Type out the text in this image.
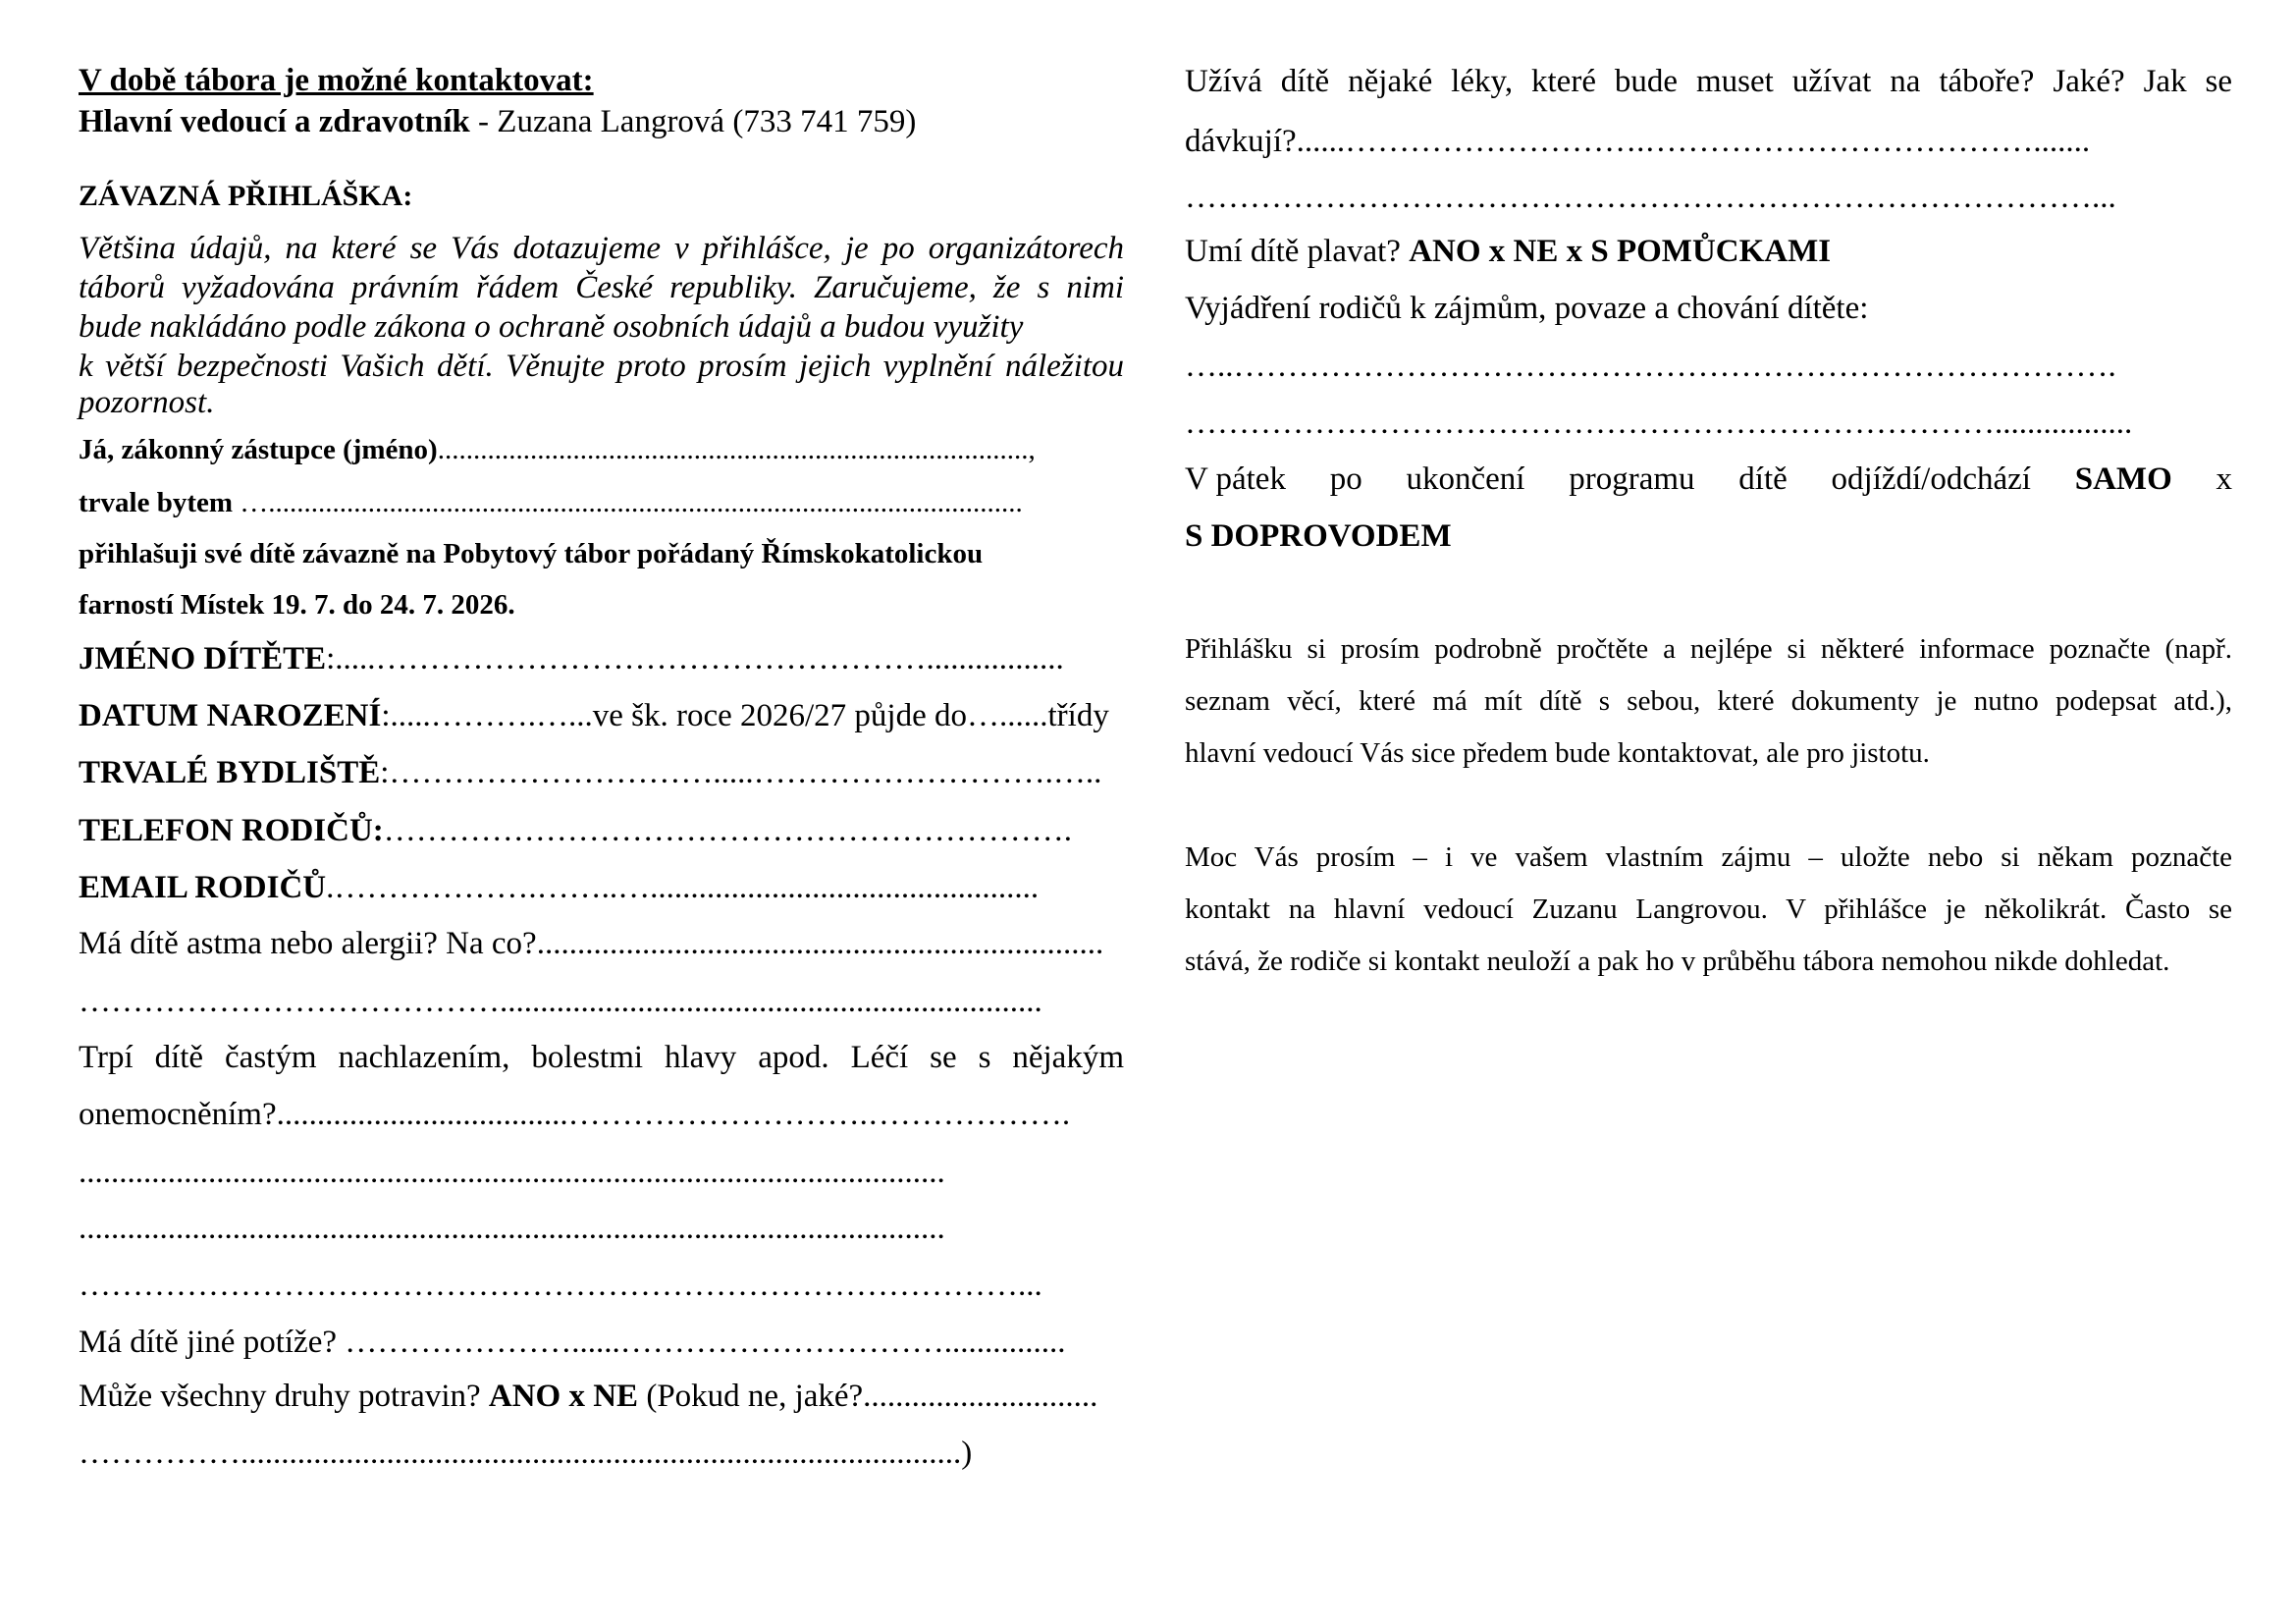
V době tábora je možné kontaktovat:
Hlavní vedoucí a zdravotník - Zuzana Langrová (733 741 759)
ZÁVAZNÁ PŘIHLÁŠKA:
Většina údajů, na které se Vás dotazujeme v přihlášce, je po organizátorech
táborů vyžadována právním řádem České republiky. Zaručujeme, že s nimi
bude nakládáno podle zákona o ochraně osobních údajů a budou využity
k větší bezpečnosti Vašich dětí. Věnujte proto prosím jejich vyplnění náležitou
pozornost.
Já, zákonný zástupce (jméno)...................................................................................,
trvale bytem …..........................................................................................................
přihlašuji své dítě závazně na Pobytový tábor pořádaný Římskokatolickou
farností Místek 19. 7. do 24. 7. 2026.
JMÉNO DÍTĚTE:.....…………………………………………….................
DATUM NAROZENÍ:.....……….…...ve šk. roce 2026/27 půjde do…......třídy
TRVALÉ BYDLIŠTĚ:………………………….....……………………….…..
TELEFON RODIČŮ:……………………………………………………….
EMAIL RODIČŮ.……………….……..…................................................
Má dítě astma nebo alergii? Na co?......................................................................
…………………………………...................................................................
Trpí dítě častým nachlazením, bolestmi hlavy apod. Léčí se s nějakým
onemocněním?....................................……………………….……………….
...........................................................................................................
...........................................................................................................
……………………………………………………………………………...
Má dítě jiné potíže? …………………......…………………………...............
Může všechny druhy potravin? ANO x NE (Pokud ne, jaké?.............................
…………….........................................................................................)
Užívá dítě nějaké léky, které bude muset užívat na táboře? Jaké? Jak se
dávkují?......……………………….……………………………….......
…………………………………………………………………………...
Umí dítě plavat? ANO x NE x S POMŮCKAMI
Vyjádření rodičů k zájmům, povaze a chování dítěte:
…..……………………………………………………………………….
………………………………………………………………….................
V pátek po ukončení programu dítě odjíždí/odchází SAMO x
S DOPROVODEM
Přihlášku si prosím podrobně pročtěte a nejlépe si některé informace poznačte (např.
seznam věcí, které má mít dítě s sebou, které dokumenty je nutno podepsat atd.),
hlavní vedoucí Vás sice předem bude kontaktovat, ale pro jistotu.
Moc Vás prosím – i ve vašem vlastním zájmu – uložte nebo si někam poznačte
kontakt na hlavní vedoucí Zuzanu Langrovou. V přihlášce je několikrát. Často se
stává, že rodiče si kontakt neuloží a pak ho v průběhu tábora nemohou nikde dohledat.
